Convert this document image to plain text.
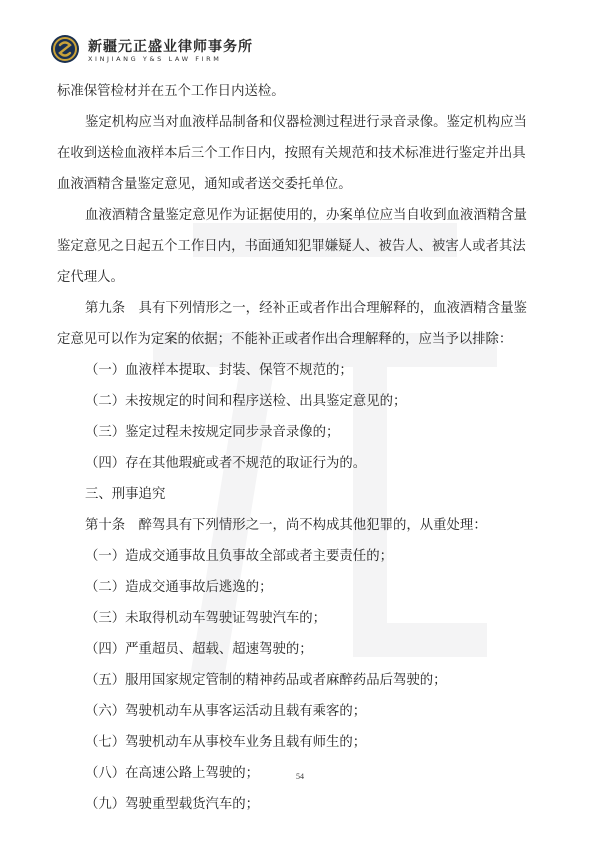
新疆元正盛业律师事务所
XINJIANG Y&S LAW FIRM
标准保管检材并在五个工作日内送检。
鉴定机构应当对血液样品制备和仪器检测过程进行录音录像。鉴定机构应当
在收到送检血液样本后三个工作日内，按照有关规范和技术标准进行鉴定并出具
血液酒精含量鉴定意见，通知或者送交委托单位。
血液酒精含量鉴定意见作为证据使用的，办案单位应当自收到血液酒精含量
鉴定意见之日起五个工作日内，书面通知犯罪嫌疑人、被告人、被害人或者其法
定代理人。
第九条　具有下列情形之一，经补正或者作出合理解释的，血液酒精含量鉴
定意见可以作为定案的依据；不能补正或者作出合理解释的，应当予以排除：
（一）血液样本提取、封装、保管不规范的；
（二）未按规定的时间和程序送检、出具鉴定意见的；
（三）鉴定过程未按规定同步录音录像的；
（四）存在其他瑕疵或者不规范的取证行为的。
三、刑事追究
第十条　醉驾具有下列情形之一，尚不构成其他犯罪的，从重处理：
（一）造成交通事故且负事故全部或者主要责任的；
（二）造成交通事故后逃逸的；
（三）未取得机动车驾驶证驾驶汽车的；
（四）严重超员、超载、超速驾驶的；
（五）服用国家规定管制的精神药品或者麻醉药品后驾驶的；
（六）驾驶机动车从事客运活动且载有乘客的；
（七）驾驶机动车从事校车业务且载有师生的；
（八）在高速公路上驾驶的；
（九）驾驶重型载货汽车的；
54
